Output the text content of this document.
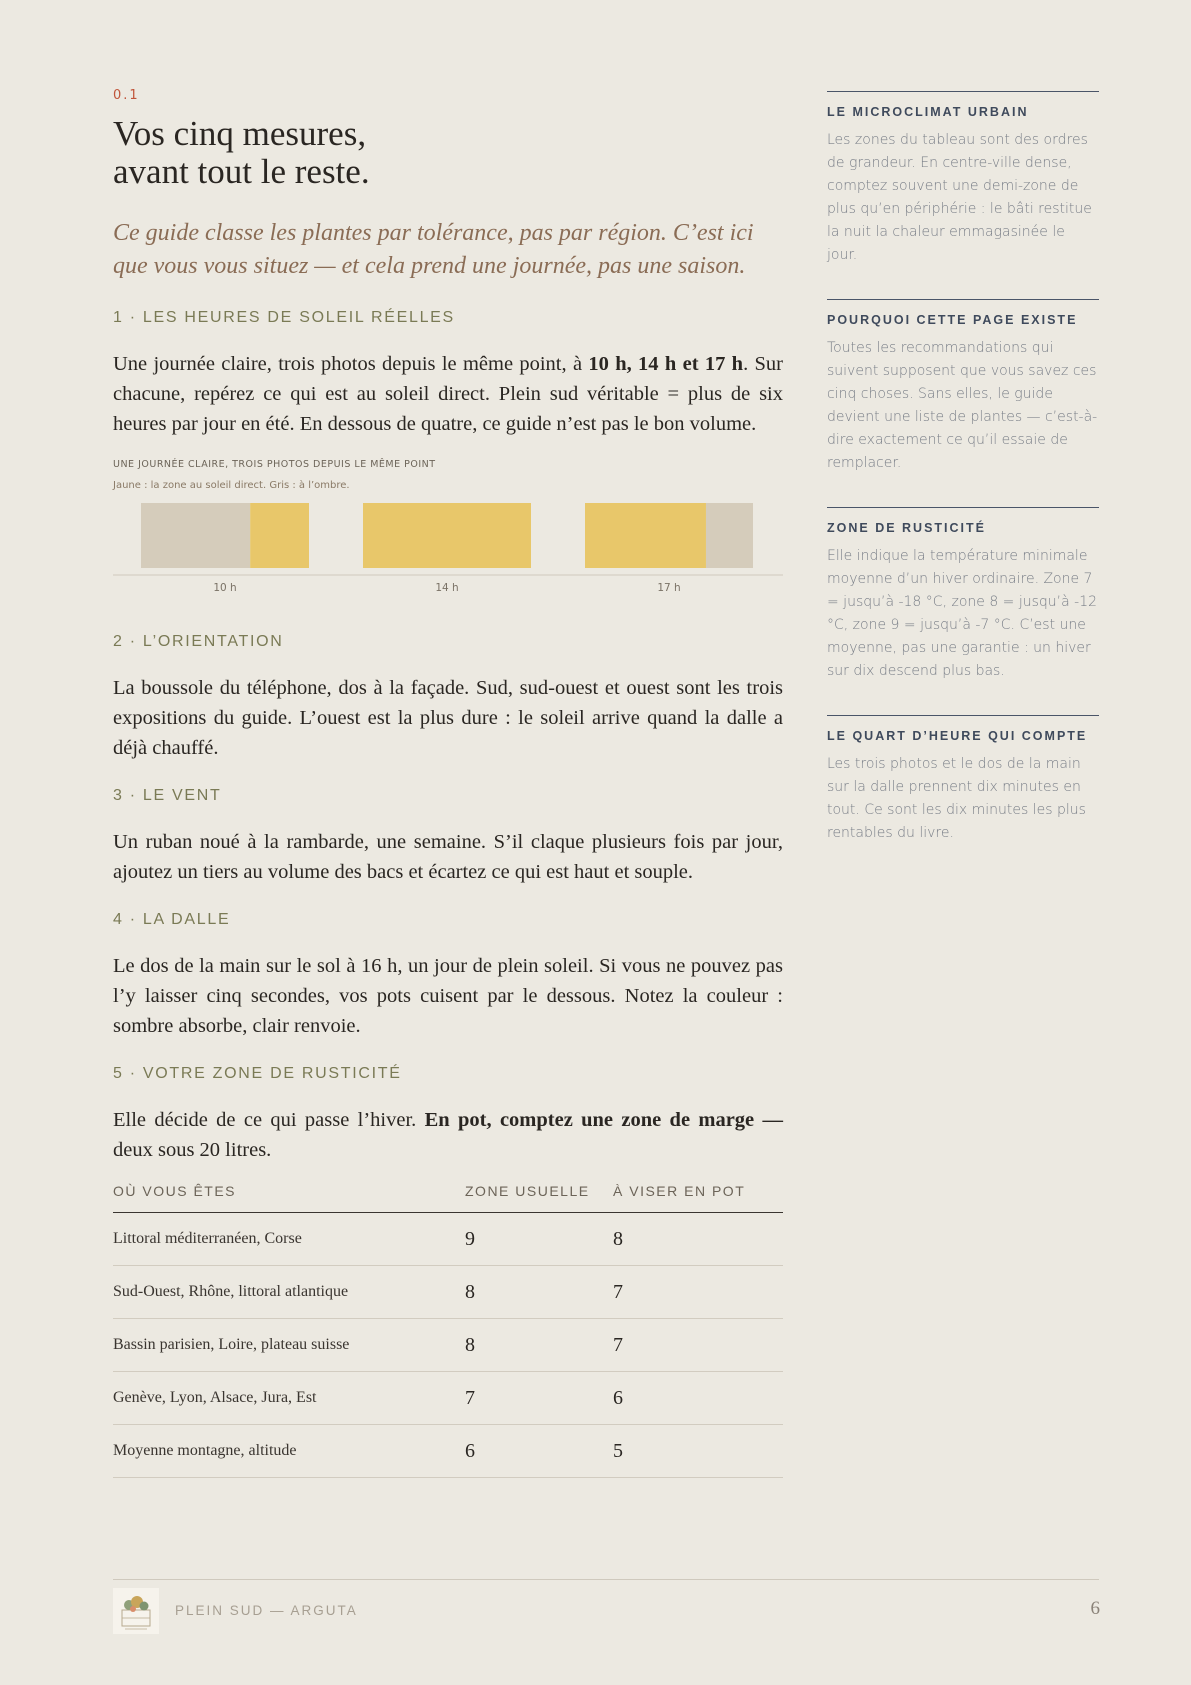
0.1
Vos cinq mesures,
avant tout le reste.

Ce guide classe les plantes par tolérance, pas par région. C’est ici que vous vous situez — et cela prend une journée, pas une saison.

1 · LES HEURES DE SOLEIL RÉELLES

Une journée claire, trois photos depuis le même point, à 10 h, 14 h et 17 h. Sur chacune, repérez ce qui est au soleil direct. Plein sud véritable = plus de six heures par jour en été. En dessous de quatre, ce guide n’est pas le bon volume.

UNE JOURNÉE CLAIRE, TROIS PHOTOS DEPUIS LE MÊME POINT
Jaune : la zone au soleil direct. Gris : à l’ombre.
10 h	14 h	17 h
2 · L’ORIENTATION

La boussole du téléphone, dos à la façade. Sud, sud-ouest et ouest sont les trois expositions du guide. L’ouest est la plus dure : le soleil arrive quand la dalle a déjà chauffé.

3 · LE VENT

Un ruban noué à la rambarde, une semaine. S’il claque plusieurs fois par jour, ajoutez un tiers au volume des bacs et écartez ce qui est haut et souple.

4 · LA DALLE

Le dos de la main sur le sol à 16 h, un jour de plein soleil. Si vous ne pouvez pas l’y laisser cinq secondes, vos pots cuisent par le dessous. Notez la couleur : sombre absorbe, clair renvoie.

5 · VOTRE ZONE DE RUSTICITÉ

Elle décide de ce qui passe l’hiver. En pot, comptez une zone de marge — deux sous 20 litres.

OÙ VOUS ÊTES	ZONE USUELLE	À VISER EN POT
Littoral méditerranéen, Corse	9	8
Sud-Ouest, Rhône, littoral atlantique	8	7
Bassin parisien, Loire, plateau suisse	8	7
Genève, Lyon, Alsace, Jura, Est	7	6
Moyenne montagne, altitude	6	5
LE MICROCLIMAT URBAIN

Les zones du tableau sont des ordres de grandeur. En centre-ville dense, comptez souvent une demi-zone de plus qu’en périphérie : le bâti restitue la nuit la chaleur emmagasinée le jour.

POURQUOI CETTE PAGE EXISTE

Toutes les recommandations qui suivent supposent que vous savez ces cinq choses. Sans elles, le guide devient une liste de plantes — c’est-à-dire exactement ce qu’il essaie de remplacer.

ZONE DE RUSTICITÉ

Elle indique la température minimale moyenne d’un hiver ordinaire. Zone 7 = jusqu’à -18 °C, zone 8 = jusqu’à -12 °C, zone 9 = jusqu’à -7 °C. C’est une moyenne, pas une garantie : un hiver sur dix descend plus bas.

LE QUART D’HEURE QUI COMPTE

Les trois photos et le dos de la main sur la dalle prennent dix minutes en tout. Ce sont les dix minutes les plus rentables du livre.

PLEIN SUD — ARGUTA	6
